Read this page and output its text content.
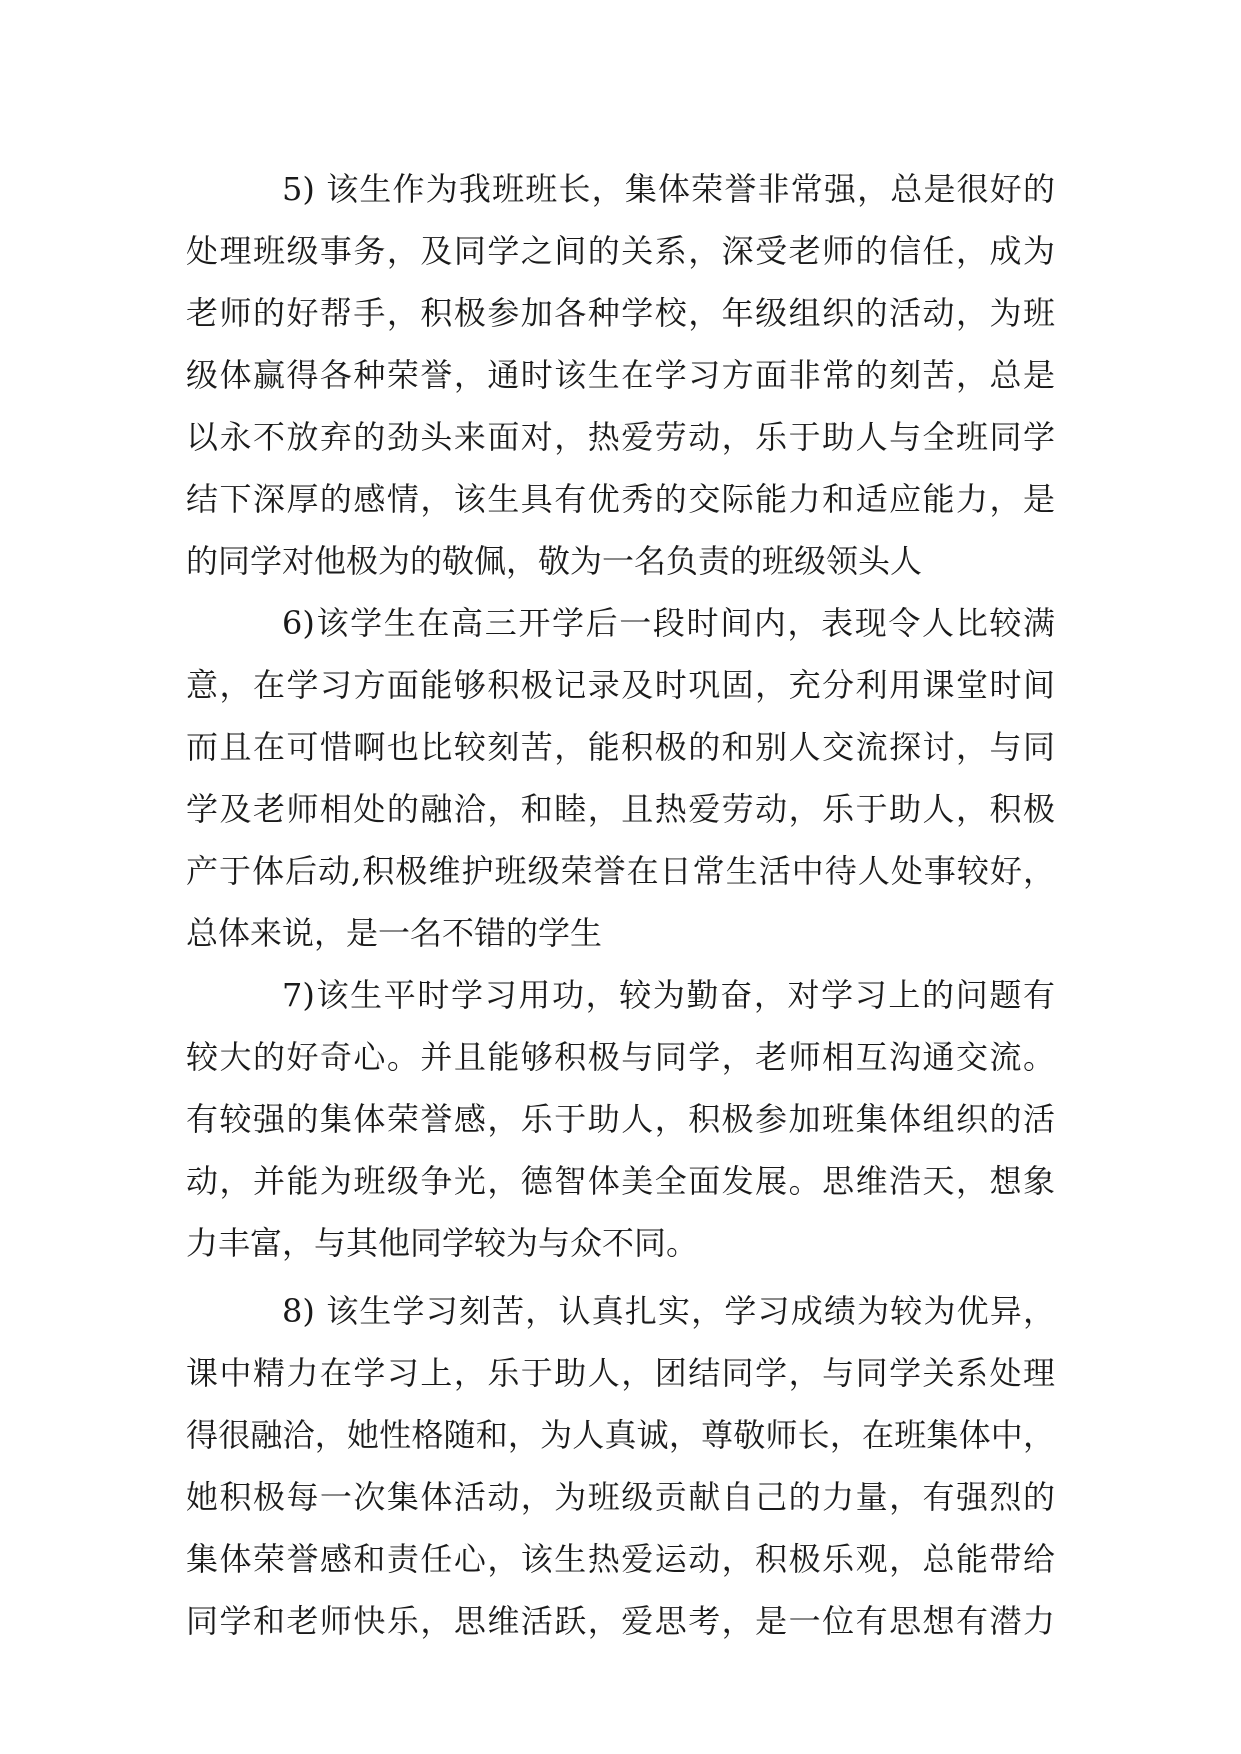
5) 该生作为我班班长，集体荣誉非常强，总是很好的
处理班级事务，及同学之间的关系，深受老师的信任，成为
老师的好帮手，积极参加各种学校，年级组织的活动，为班
级体赢得各种荣誉，通时该生在学习方面非常的刻苦，总是
以永不放弃的劲头来面对，热爱劳动，乐于助人与全班同学
结下深厚的感情，该生具有优秀的交际能力和适应能力，是
的同学对他极为的敬佩，敬为一名负责的班级领头人
6)该学生在高三开学后一段时间内，表现令人比较满
意，在学习方面能够积极记录及时巩固，充分利用课堂时间
而且在可惜啊也比较刻苦，能积极的和别人交流探讨，与同
学及老师相处的融洽，和睦，且热爱劳动，乐于助人，积极
产于体后动,积极维护班级荣誉在日常生活中待人处事较好，
总体来说，是一名不错的学生
7)该生平时学习用功，较为勤奋，对学习上的问题有
较大的好奇心。并且能够积极与同学，老师相互沟通交流。
有较强的集体荣誉感，乐于助人，积极参加班集体组织的活
动，并能为班级争光，德智体美全面发展。思维浩天，想象
力丰富，与其他同学较为与众不同。
8) 该生学习刻苦，认真扎实，学习成绩为较为优异，
课中精力在学习上，乐于助人，团结同学，与同学关系处理
得很融洽，她性格随和，为人真诚，尊敬师长，在班集体中，
她积极每一次集体活动，为班级贡献自己的力量，有强烈的
集体荣誉感和责任心，该生热爱运动，积极乐观，总能带给
同学和老师快乐，思维活跃，爱思考，是一位有思想有潜力
